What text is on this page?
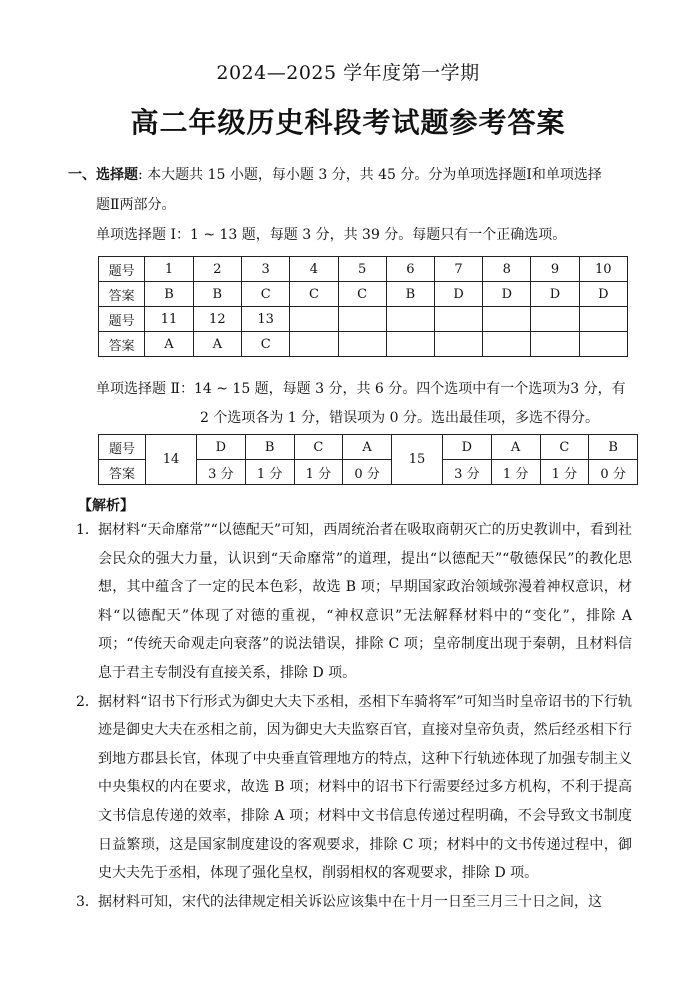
2024—2025 学年度第一学期
高二年级历史科段考试题参考答案
一、选择题: 本大题共 15 小题，每小题 3 分，共 45 分。分为单项选择题Ⅰ和单项选择
题Ⅱ两部分。
单项选择题 Ⅰ：1 ~ 13 题，每题 3 分，共 39 分。每题只有一个正确选项。
题号	1	2	3	4	5	6	7	8	9	10
答案	B	B	C	C	C	B	D	D	D	D
题号	11	12	13							
答案	A	A	C							
单项选择题 Ⅱ：14 ~ 15 题，每题 3 分，共 6 分。四个选项中有一个选项为3 分，有
2 个选项各为 1 分，错误项为 0 分。选出最佳项，多选不得分。
题号	14	D	B	C	A	15	D	A	C	B
答案		3 分	1 分	1 分	0 分		3 分	1 分	1 分	0 分
【解析】
1． 据材料“天命靡常”“以德配天”可知，西周统治者在吸取商朝灭亡的历史教训中，看到社会民众的强大力量，认识到“天命靡常”的道理，提出“以德配天”“敬德保民”的教化思想，其中蕴含了一定的民本色彩，故选 B 项；早期国家政治领域弥漫着神权意识，材料“以德配天”体现了对德的重视，“神权意识”无法解释材料中的“变化”，排除 A 项；“传统天命观走向衰落”的说法错误，排除 C 项；皇帝制度出现于秦朝，且材料信息于君主专制没有直接关系，排除 D 项。
2． 据材料“诏书下行形式为御史大夫下丞相，丞相下车骑将军”可知当时皇帝诏书的下行轨迹是御史大夫在丞相之前，因为御史大夫监察百官，直接对皇帝负责，然后经丞相下行到地方郡县长官，体现了中央垂直管理地方的特点，这种下行轨迹体现了加强专制主义中央集权的内在要求，故选 B 项；材料中的诏书下行需要经过多方机构，不利于提高文书信息传递的效率，排除 A 项；材料中文书信息传递过程明确，不会导致文书制度日益繁琐，这是国家制度建设的客观要求，排除 C 项；材料中的文书传递过程中，御史大夫先于丞相，体现了强化皇权，削弱相权的客观要求，排除 D 项。
3． 据材料可知，宋代的法律规定相关诉讼应该集中在十月一日至三月三十日之间，这
